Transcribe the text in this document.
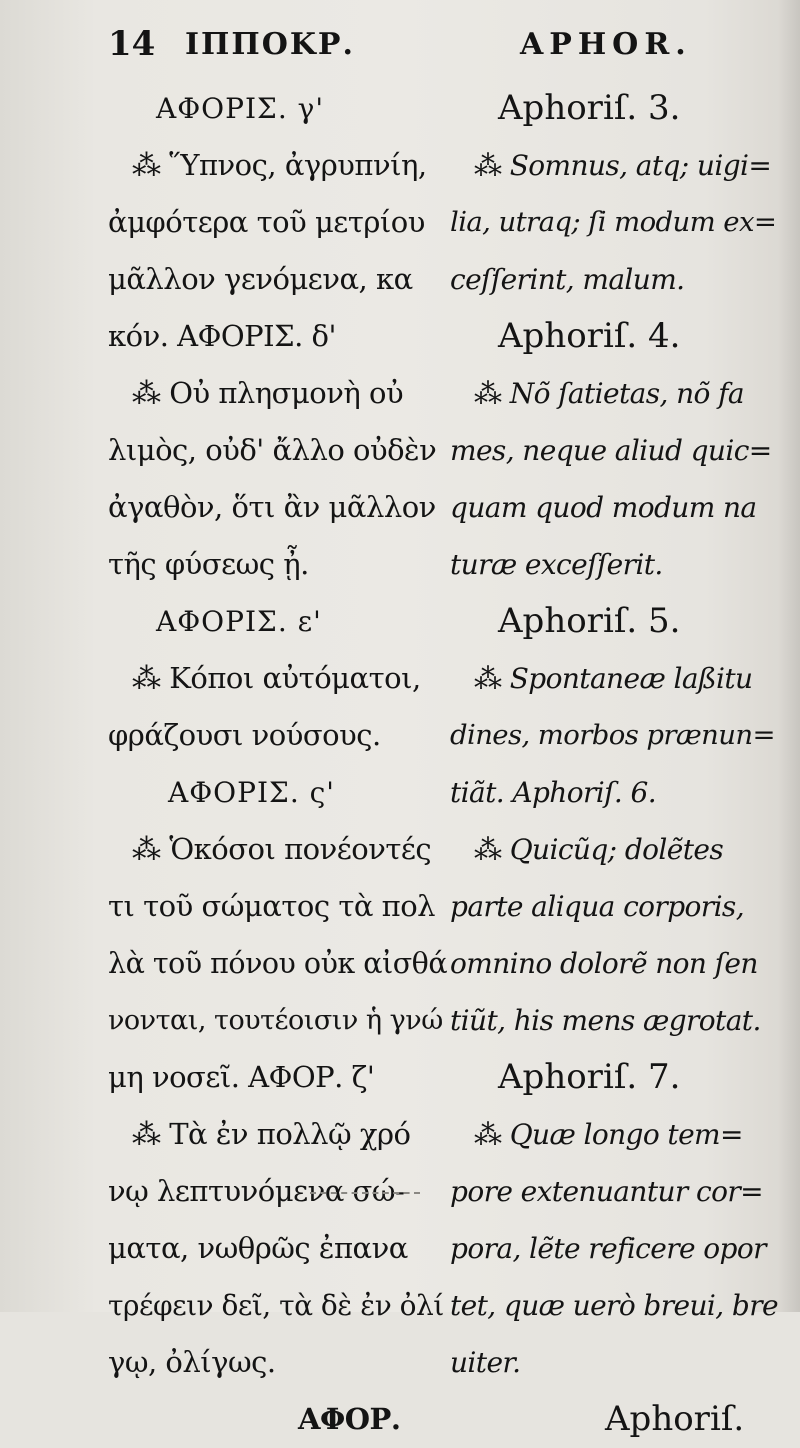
14 ΙΠΠΟΚΡ.	APHOR.
ΑΦΟΡΙΣ. γ'
⁂ Ὕπνος, ἀγρυπνίη,
ἀμφότερα τοῦ μετρίου
μᾶλλον γενόμενα, κα
κόν. ΑΦΟΡΙΣ. δ'
⁂ Οὐ πλησμονὴ οὐ
λιμὸς, οὐδ' ἄλλο οὐδὲν
ἀγαθὸν, ὅτι ἂν μᾶλλον
τῆς φύσεως ᾖ.
ΑΦΟΡΙΣ. ε'
⁂ Κόποι αὐτόματοι,
φράζουσι νούσους.
ΑΦΟΡΙΣ. ς'
⁂ Ὁκόσοι πονέοντές
τι τοῦ σώματος τὰ πολ
λὰ τοῦ πόνου οὐκ αἰσθά
νονται, τουτέοισιν ἡ γνώ
μη νοσεῖ. ΑΦΟΡ. ζ'
⁂ Τὰ ἐν πολλῷ χρό
νῳ λεπτυνόμενα σώ-
ματα, νωθρῶς ἐπανα
τρέφειν δεῖ, τὰ δὲ ἐν ὀλί
γῳ, ὀλίγως.
ΑΦΟΡ.
Aphoriſ. 3.
⁂ Somnus, atq; uigi=
lia, utraq; ſi modum ex=
ceſſerint, malum.
Aphoriſ. 4.
⁂ Nõ ſatietas, nõ fa
mes, neque aliud quic=
quam quod modum na
turæ exceſſerit.
Aphoriſ. 5.
⁂ Spontaneæ laßitu
dines, morbos prænun=
tiãt. Aphoriſ. 6.
⁂ Quicũq; dolẽtes
parte aliqua corporis,
omnino dolorẽ non ſen
tiũt, his mens ægrotat.
Aphoriſ. 7.
⁂ Quæ longo tem=
pore extenuantur cor=
pora, lẽte reficere opor
tet, quæ uerò breui, bre
uiter.
Aphoriſ.
